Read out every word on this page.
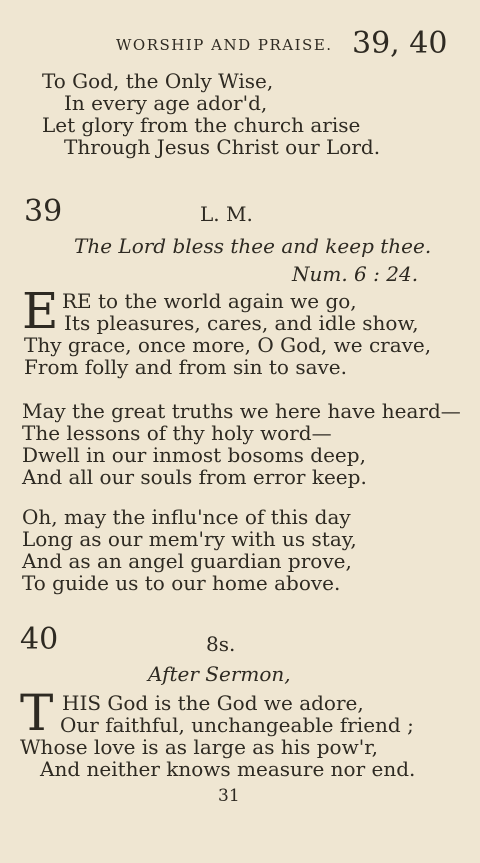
WORSHIP AND PRAISE. 39, 40
To God, the Only Wise,
In every age ador'd,
Let glory from the church arise
Through Jesus Christ our Lord.
39	L. M.
The Lord bless thee and keep thee.
Num. 6 : 24.
E RE to the world again we go,
Its pleasures, cares, and idle show,
Thy grace, once more, O God, we crave,
From folly and from sin to save.
May the great truths we here have heard—
The lessons of thy holy word—
Dwell in our inmost bosoms deep,
And all our souls from error keep.
Oh, may the influ'nce of this day
Long as our mem'ry with us stay,
And as an angel guardian prove,
To guide us to our home above.
40	8s.
After Sermon,
T HIS God is the God we adore,
Our faithful, unchangeable friend ;
Whose love is as large as his pow'r,
And neither knows measure nor end.
31
